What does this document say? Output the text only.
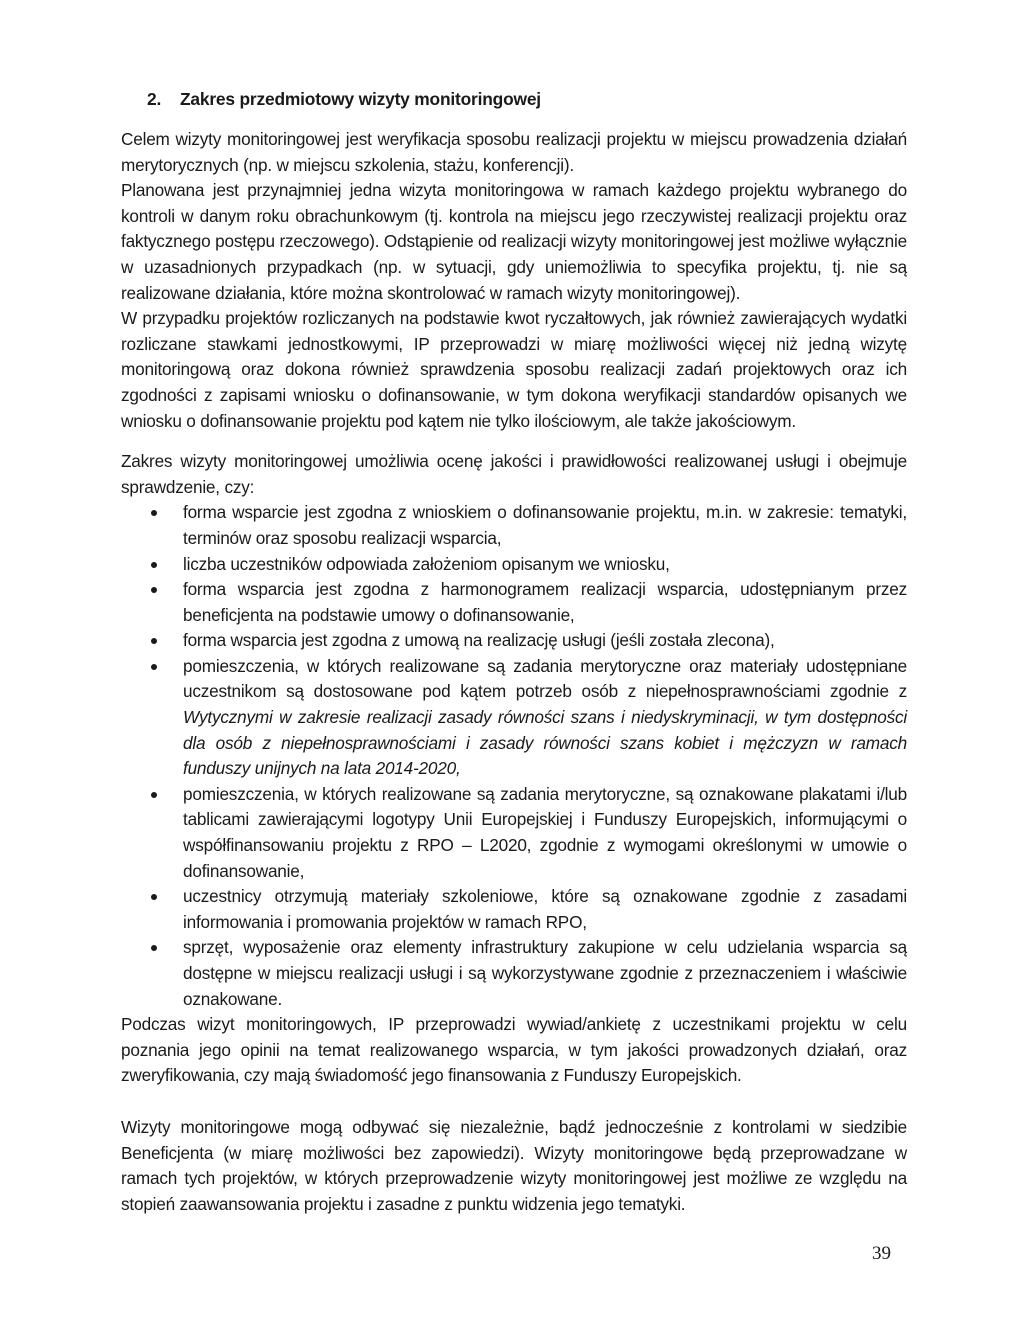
2. Zakres przedmiotowy wizyty monitoringowej

Celem wizyty monitoringowej jest weryfikacja sposobu realizacji projektu w miejscu prowadzenia działań merytorycznych (np. w miejscu szkolenia, stażu, konferencji).

Planowana jest przynajmniej jedna wizyta monitoringowa w ramach każdego projektu wybranego do kontroli w danym roku obrachunkowym (tj. kontrola na miejscu jego rzeczywistej realizacji projektu oraz faktycznego postępu rzeczowego). Odstąpienie od realizacji wizyty monitoringowej jest możliwe wyłącznie w uzasadnionych przypadkach (np. w sytuacji, gdy uniemożliwia to specyfika projektu, tj. nie są realizowane działania, które można skontrolować w ramach wizyty monitoringowej).

W przypadku projektów rozliczanych na podstawie kwot ryczałtowych, jak również zawierających wydatki rozliczane stawkami jednostkowymi, IP przeprowadzi w miarę możliwości więcej niż jedną wizytę monitoringową oraz dokona również sprawdzenia sposobu realizacji zadań projektowych oraz ich zgodności z zapisami wniosku o dofinansowanie, w tym dokona weryfikacji standardów opisanych we wniosku o dofinansowanie projektu pod kątem nie tylko ilościowym, ale także jakościowym.

Zakres wizyty monitoringowej umożliwia ocenę jakości i prawidłowości realizowanej usługi i obejmuje sprawdzenie, czy:

forma wsparcie jest zgodna z wnioskiem o dofinansowanie projektu, m.in. w zakresie: tematyki, terminów oraz sposobu realizacji wsparcia,
liczba uczestników odpowiada założeniom opisanym we wniosku,
forma wsparcia jest zgodna z harmonogramem realizacji wsparcia, udostępnianym przez beneficjenta na podstawie umowy o dofinansowanie,
forma wsparcia jest zgodna z umową na realizację usługi (jeśli została zlecona),
pomieszczenia, w których realizowane są zadania merytoryczne oraz materiały udostępniane uczestnikom są dostosowane pod kątem potrzeb osób z niepełnosprawnościami zgodnie z Wytycznymi w zakresie realizacji zasady równości szans i niedyskryminacji, w tym dostępności dla osób z niepełnosprawnościami i zasady równości szans kobiet i mężczyzn w ramach funduszy unijnych na lata 2014-2020,
pomieszczenia, w których realizowane są zadania merytoryczne, są oznakowane plakatami i/lub tablicami zawierającymi logotypy Unii Europejskiej i Funduszy Europejskich, informującymi o współfinansowaniu projektu z RPO – L2020, zgodnie z wymogami określonymi w umowie o dofinansowanie,
uczestnicy otrzymują materiały szkoleniowe, które są oznakowane zgodnie z zasadami informowania i promowania projektów w ramach RPO,
sprzęt, wyposażenie oraz elementy infrastruktury zakupione w celu udzielania wsparcia są dostępne w miejscu realizacji usługi i są wykorzystywane zgodnie z przeznaczeniem i właściwie oznakowane.

Podczas wizyt monitoringowych, IP przeprowadzi wywiad/ankietę z uczestnikami projektu w celu poznania jego opinii na temat realizowanego wsparcia, w tym jakości prowadzonych działań, oraz zweryfikowania, czy mają świadomość jego finansowania z Funduszy Europejskich.

Wizyty monitoringowe mogą odbywać się niezależnie, bądź jednocześnie z kontrolami w siedzibie Beneficjenta (w miarę możliwości bez zapowiedzi). Wizyty monitoringowe będą przeprowadzane w ramach tych projektów, w których przeprowadzenie wizyty monitoringowej jest możliwe ze względu na stopień zaawansowania projektu i zasadne z punktu widzenia jego tematyki.

39
